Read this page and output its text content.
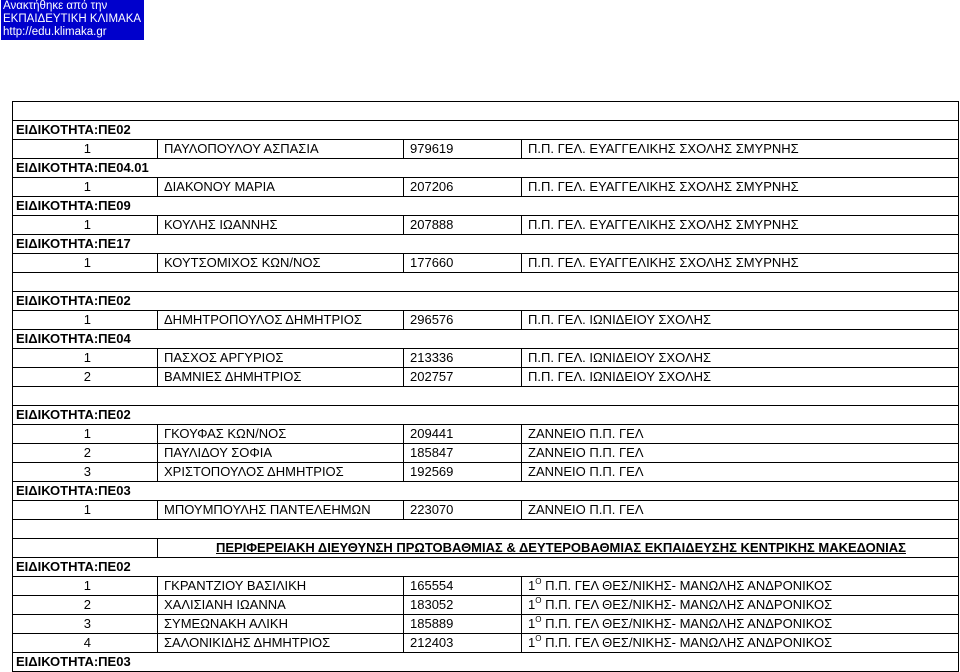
Ανακτήθηκε από την
ΕΚΠΑΙΔΕΥΤΙΚΗ ΚΛΙΜΑΚΑ
http://edu.klimaka.gr

ΕΙΔΙΚΟΤΗΤΑ:ΠΕ02			
1	ΠΑΥΛΟΠΟΥΛΟΥ ΑΣΠΑΣΙΑ	979619	Π.Π. ΓΕΛ. ΕΥΑΓΓΕΛΙΚΗΣ ΣΧΟΛΗΣ ΣΜΥΡΝΗΣ
ΕΙΔΙΚΟΤΗΤΑ:ΠΕ04.01			
1	ΔΙΑΚΟΝΟΥ ΜΑΡΙΑ	207206	Π.Π. ΓΕΛ. ΕΥΑΓΓΕΛΙΚΗΣ ΣΧΟΛΗΣ ΣΜΥΡΝΗΣ
ΕΙΔΙΚΟΤΗΤΑ:ΠΕ09			
1	ΚΟΥΛΗΣ ΙΩΑΝΝΗΣ	207888	Π.Π. ΓΕΛ. ΕΥΑΓΓΕΛΙΚΗΣ ΣΧΟΛΗΣ ΣΜΥΡΝΗΣ
ΕΙΔΙΚΟΤΗΤΑ:ΠΕ17			
1	ΚΟΥΤΣΟΜΙΧΟΣ ΚΩΝ/ΝΟΣ	177660	Π.Π. ΓΕΛ. ΕΥΑΓΓΕΛΙΚΗΣ ΣΧΟΛΗΣ ΣΜΥΡΝΗΣ

ΕΙΔΙΚΟΤΗΤΑ:ΠΕ02			
1	ΔΗΜΗΤΡΟΠΟΥΛΟΣ ΔΗΜΗΤΡΙΟΣ	296576	Π.Π. ΓΕΛ. ΙΩΝΙΔΕΙΟΥ ΣΧΟΛΗΣ
ΕΙΔΙΚΟΤΗΤΑ:ΠΕ04			
1	ΠΑΣΧΟΣ ΑΡΓΥΡΙΟΣ	213336	Π.Π. ΓΕΛ. ΙΩΝΙΔΕΙΟΥ ΣΧΟΛΗΣ
2	ΒΑΜΝΙΕΣ ΔΗΜΗΤΡΙΟΣ	202757	Π.Π. ΓΕΛ. ΙΩΝΙΔΕΙΟΥ ΣΧΟΛΗΣ

ΕΙΔΙΚΟΤΗΤΑ:ΠΕ02			
1	ΓΚΟΥΦΑΣ ΚΩΝ/ΝΟΣ	209441	ΖΑΝΝΕΙΟ Π.Π. ΓΕΛ
2	ΠΑΥΛΙΔΟΥ ΣΟΦΙΑ	185847	ΖΑΝΝΕΙΟ Π.Π. ΓΕΛ
3	ΧΡΙΣΤΟΠΟΥΛΟΣ ΔΗΜΗΤΡΙΟΣ	192569	ΖΑΝΝΕΙΟ Π.Π. ΓΕΛ
ΕΙΔΙΚΟΤΗΤΑ:ΠΕ03			
1	ΜΠΟΥΜΠΟΥΛΗΣ ΠΑΝΤΕΛΕΗΜΩΝ	223070	ΖΑΝΝΕΙΟ Π.Π. ΓΕΛ

	ΠΕΡΙΦΕΡΕΙΑΚΗ ΔΙΕΥΘΥΝΣΗ ΠΡΩΤΟΒΑΘΜΙΑΣ & ΔΕΥΤΕΡΟΒΑΘΜΙΑΣ ΕΚΠΑΙΔΕΥΣΗΣ ΚΕΝΤΡΙΚΗΣ ΜΑΚΕΔΟΝΙΑΣ		
ΕΙΔΙΚΟΤΗΤΑ:ΠΕ02			
1	ΓΚΡΑΝΤΖΙΟΥ ΒΑΣΙΛΙΚΗ	165554	$1^O$ Π.Π. ΓΕΛ ΘΕΣ/ΝΙΚΗΣ- ΜΑΝΩΛΗΣ ΑΝΔΡΟΝΙΚΟΣ
2	ΧΑΛΙΣΙΑΝΗ ΙΩΑΝΝΑ	183052	$1^O$ Π.Π. ΓΕΛ ΘΕΣ/ΝΙΚΗΣ- ΜΑΝΩΛΗΣ ΑΝΔΡΟΝΙΚΟΣ
3	ΣΥΜΕΩΝΑΚΗ ΑΛΙΚΗ	185889	$1^O$ Π.Π. ΓΕΛ ΘΕΣ/ΝΙΚΗΣ- ΜΑΝΩΛΗΣ ΑΝΔΡΟΝΙΚΟΣ
4	ΣΑΛΟΝΙΚΙΔΗΣ ΔΗΜΗΤΡΙΟΣ	212403	$1^O$ Π.Π. ΓΕΛ ΘΕΣ/ΝΙΚΗΣ- ΜΑΝΩΛΗΣ ΑΝΔΡΟΝΙΚΟΣ
ΕΙΔΙΚΟΤΗΤΑ:ΠΕ03			
